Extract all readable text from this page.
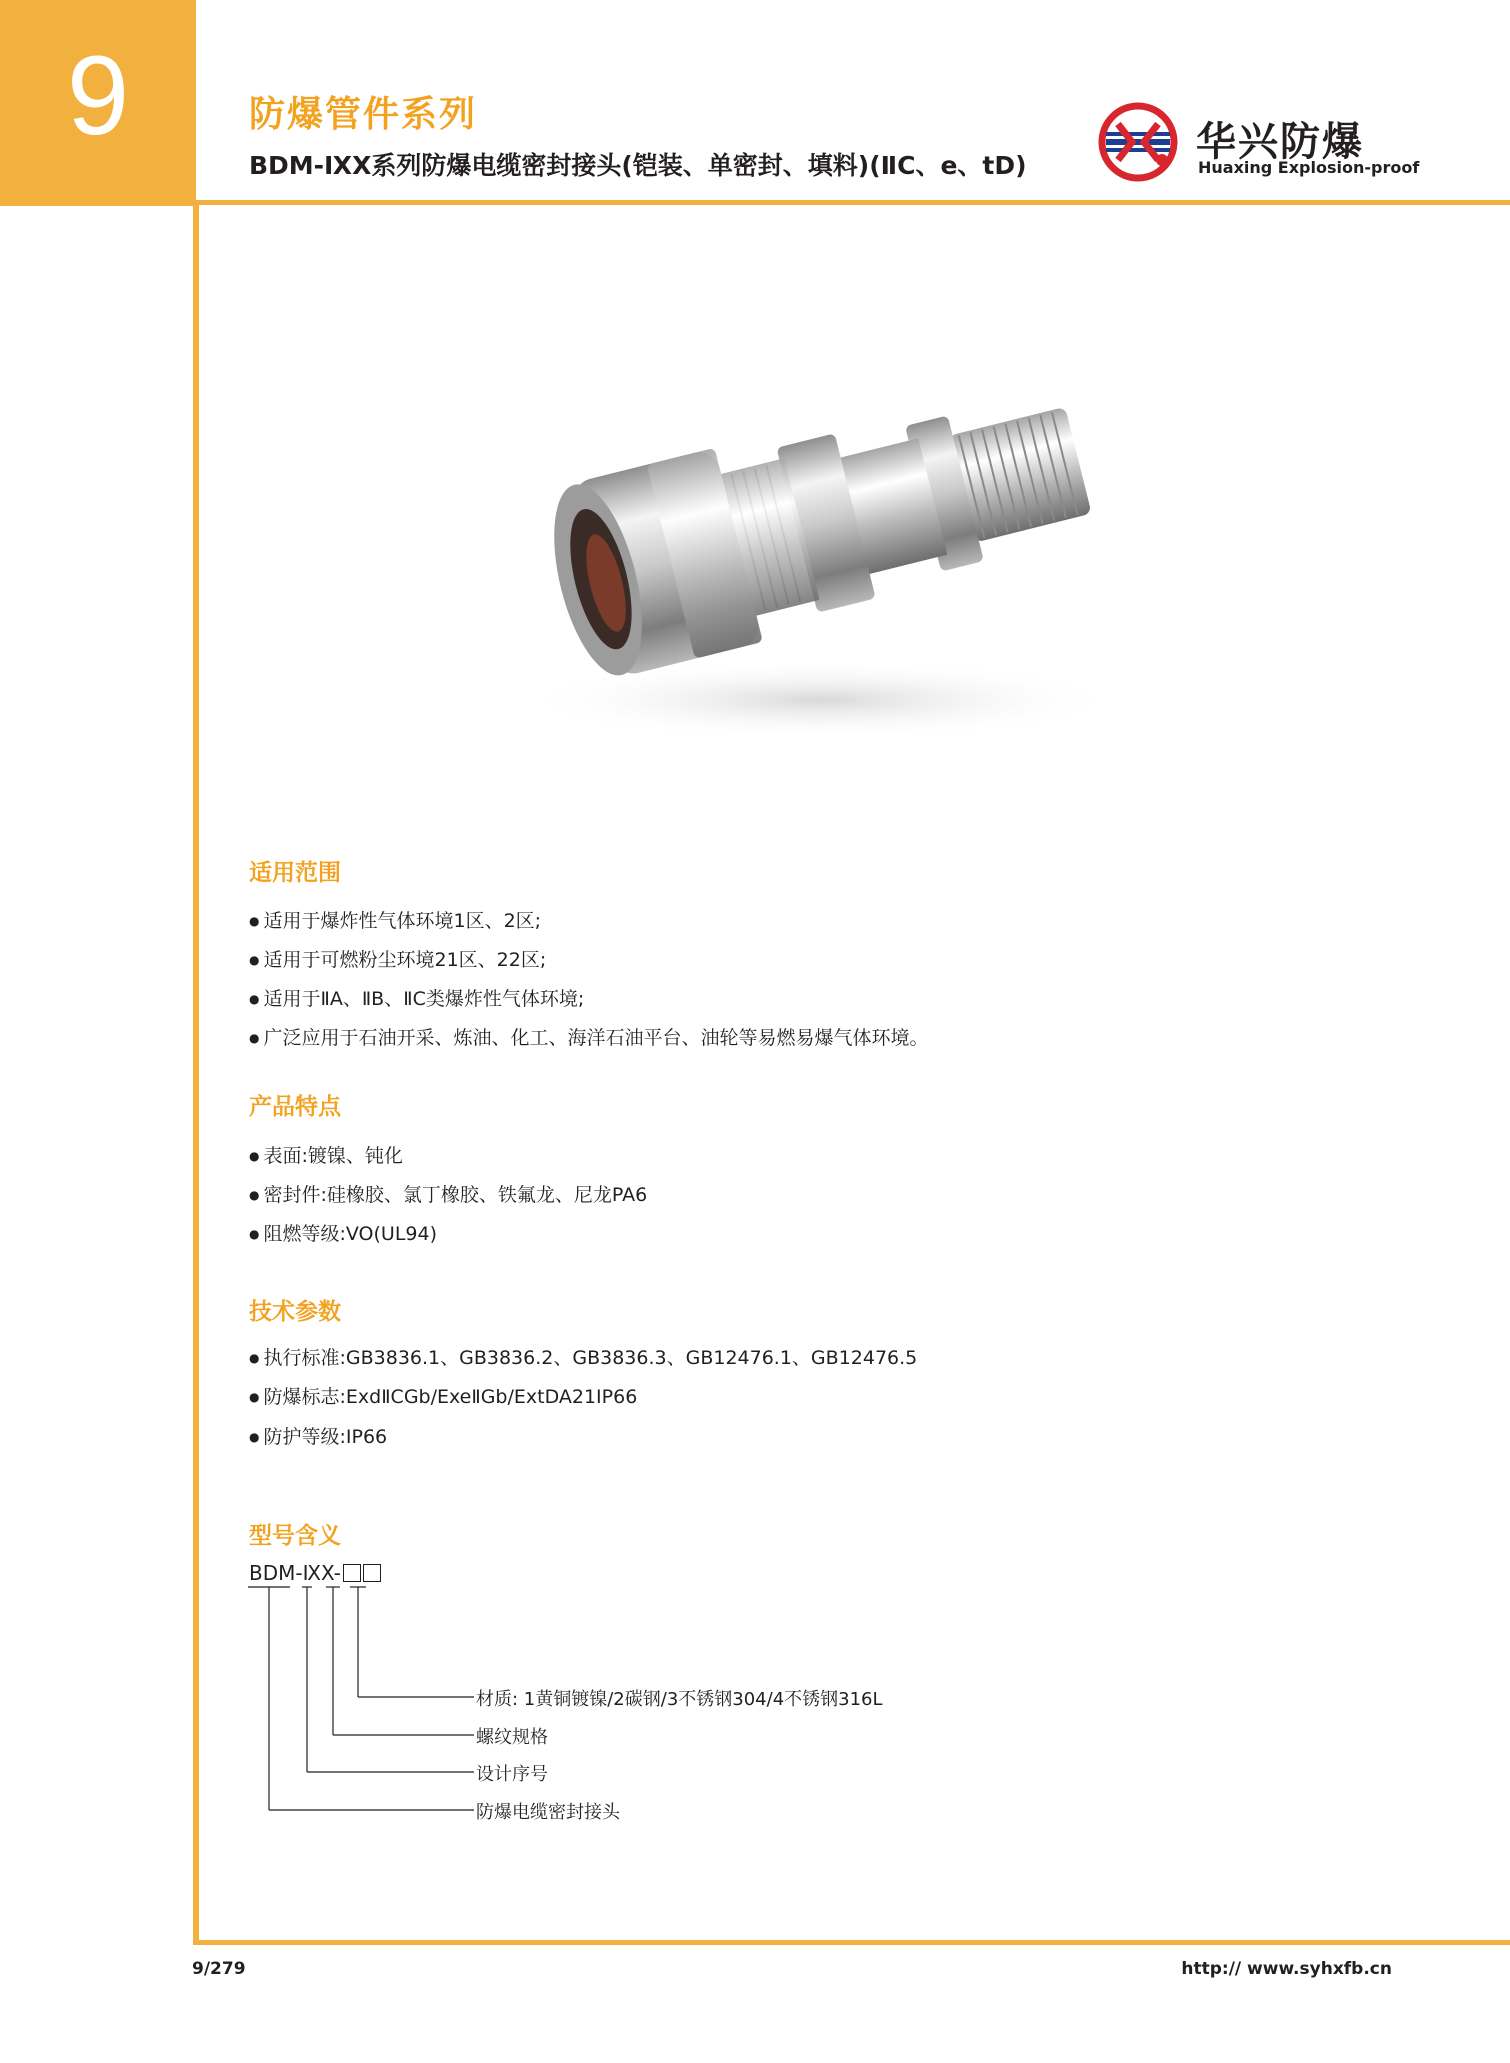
9	防爆管件系列
BDM-ⅨX系列防爆电缆密封接头(铠装、单密封、填料)(ⅡC、e、tD)
华兴防爆
Huaxing Explosion-proof
适用范围
● 适用于爆炸性气体环境1区、2区;
● 适用于可燃粉尘环境21区、22区;
● 适用于ⅡA、ⅡB、ⅡC类爆炸性气体环境;
● 广泛应用于石油开采、炼油、化工、海洋石油平台、油轮等易燃易爆气体环境。
产品特点
● 表面:镀镍、钝化
● 密封件:硅橡胶、氯丁橡胶、铁氟龙、尼龙PA6
● 阻燃等级:VO(UL94)
技术参数
● 执行标准:GB3836.1、GB3836.2、GB3836.3、GB12476.1、GB12476.5
● 防爆标志:ExdⅡCGb/ExeⅡGb/ExtDA21IP66
● 防护等级:IP66
型号含义
BDM-ⅨX-
材质: 1黄铜镀镍/2碳钢/3不锈钢304/4不锈钢316L
螺纹规格
设计序号
防爆电缆密封接头
9/279	http:// www.syhxfb.cn
